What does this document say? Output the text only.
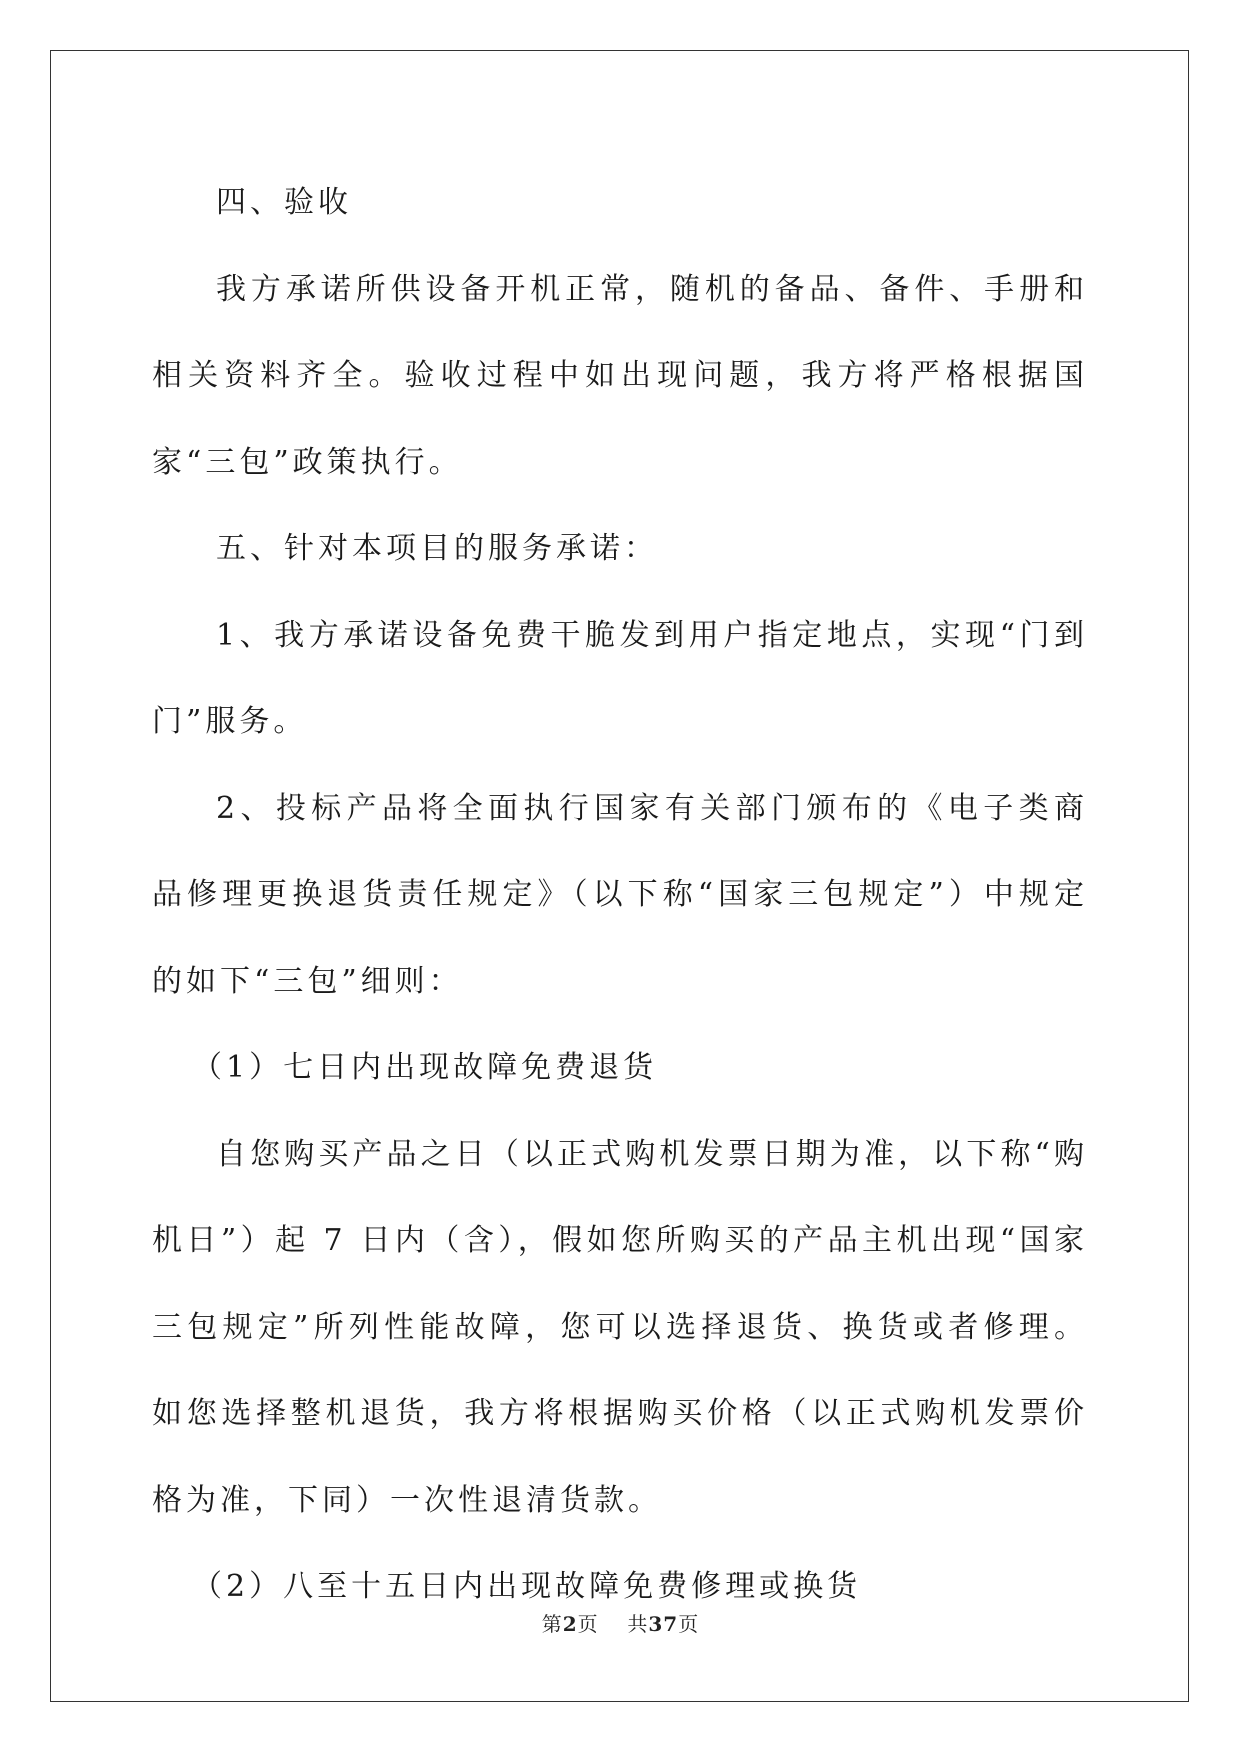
四、验收

我方承诺所供设备开机正常，随机的备品、备件、手册和相关资料齐全。验收过程中如出现问题，我方将严格根据国家“三包”政策执行。

五、针对本项目的服务承诺：

1、我方承诺设备免费干脆发到用户指定地点，实现“门到门”服务。

2、投标产品将全面执行国家有关部门颁布的《电子类商品修理更换退货责任规定》（以下称“国家三包规定”）中规定的如下“三包”细则：

（1）七日内出现故障免费退货

自您购买产品之日（以正式购机发票日期为准，以下称“购机日”）起 7 日内（含），假如您所购买的产品主机出现“国家三包规定”所列性能故障，您可以选择退货、换货或者修理。如您选择整机退货，我方将根据购买价格（以正式购机发票价格为准，下同）一次性退清货款。

（2）八至十五日内出现故障免费修理或换货

第2页 共37页
